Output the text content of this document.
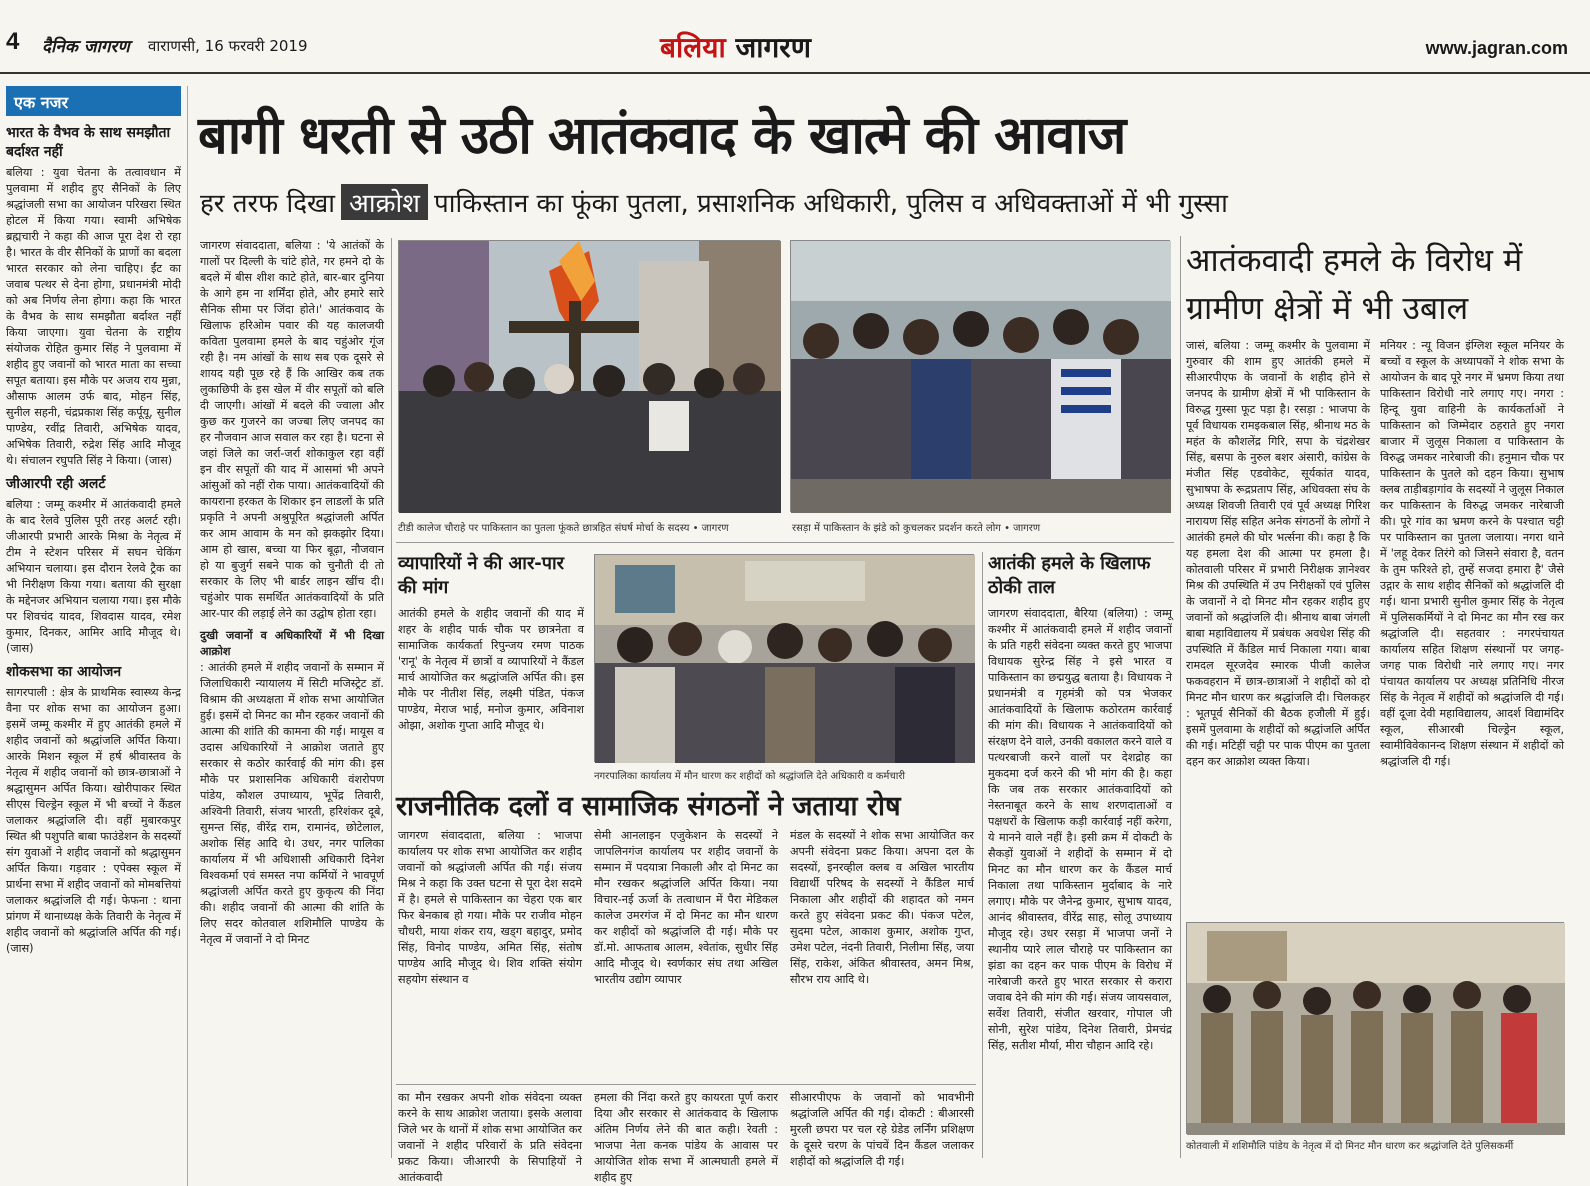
4 दैनिक जागरण वाराणसी, 16 फरवरी 2019	बलिया जागरण	www.jagran.com
एक नजर
भारत के वैभव के साथ समझौता बर्दाश्त नहीं
बलिया : युवा चेतना के तत्वावधान में पुलवामा में शहीद हुए सैनिकों के लिए श्रद्धांजली सभा का आयोजन परिखरा स्थित होटल में किया गया। स्वामी अभिषेक ब्रह्मचारी ने कहा की आज पूरा देश रो रहा है। भारत के वीर सैनिकों के प्राणों का बदला भारत सरकार को लेना चाहिए। ईंट का जवाब पत्थर से देना होगा, प्रधानमंत्री मोदी को अब निर्णय लेना होगा। कहा कि भारत के वैभव के साथ समझौता बर्दाश्त नहीं किया जाएगा। युवा चेतना के राष्ट्रीय संयोजक रोहित कुमार सिंह ने पुलवामा में शहीद हुए जवानों को भारत माता का सच्चा सपूत बताया। इस मौके पर अजय राय मुन्ना, औसाफ आलम उर्फ बाद, मोहन सिंह, सुनील सहनी, चंद्रप्रकाश सिंह कर्पूयू, सुनील पाण्डेय, रवींद्र तिवारी, अभिषेक यादव, अभिषेक तिवारी, रुद्रेश सिंह आदि मौजूद थे। संचालन रघुपति सिंह ने किया। (जास)
जीआरपी रही अलर्ट
बलिया : जम्मू कश्मीर में आतंकवादी हमले के बाद रेलवे पुलिस पूरी तरह अलर्ट रही। जीआरपी प्रभारी आरके मिश्रा के नेतृत्व में टीम ने स्टेशन परिसर में सघन चेकिंग अभियान चलाया। इस दौरान रेलवे ट्रैक का भी निरीक्षण किया गया। बताया की सुरक्षा के मद्देनजर अभियान चलाया गया। इस मौके पर शिवचंद यादव, शिवदास यादव, रमेश कुमार, दिनकर, आमिर आदि मौजूद थे। (जास)
शोकसभा का आयोजन
सागरपाली : क्षेत्र के प्राथमिक स्वास्थ्य केन्द्र वैना पर शोक सभा का आयोजन हुआ। इसमें जम्मू कश्मीर में हुए आतंकी हमले में शहीद जवानों को श्रद्धांजलि अर्पित किया। आरके मिशन स्कूल में हर्ष श्रीवास्तव के नेतृत्व में शहीद जवानों को छात्र-छात्राओं ने श्रद्धासुमन अर्पित किया। खोरीपाकर स्थित सीएस चिल्ड्रेन स्कूल में भी बच्चों ने कैंडल जलाकर श्रद्धांजलि दी। वहीं मुबारकपुर स्थित श्री पशुपति बाबा फाउंडेशन के सदस्यों संग युवाओं ने शहीद जवानों को श्रद्धासुमन अर्पित किया। गड़वार : एपेक्स स्कूल में प्रार्थना सभा में शहीद जवानों को मोमबत्तियां जलाकर श्रद्धांजलि दी गई। फेफना : थाना प्रांगण में थानाध्यक्ष केके तिवारी के नेतृत्व में शहीद जवानों को श्रद्धांजलि अर्पित की गई। (जास)
बागी धरती से उठी आतंकवाद के खात्मे की आवाज
हर तरफ दिखा आक्रोश पाकिस्तान का फूंका पुतला, प्रसाशनिक अधिकारी, पुलिस व अधिवक्ताओं में भी गुस्सा
जागरण संवाददाता, बलिया : 'ये आतंकों के गालों पर दिल्ली के चांटे होते, गर हमने दो के बदले में बीस शीश काटे होते, बार-बार दुनिया के आगे हम ना शर्मिंदा होते, और हमारे सारे सैनिक सीमा पर जिंदा होते।' आतंकवाद के खिलाफ हरिओम पवार की यह कालजयी कविता पुलवामा हमले के बाद चहुंओर गूंज रही है। नम आंखों के साथ सब एक दूसरे से शायद यही पूछ रहे हैं कि आखिर कब तक लुकाछिपी के इस खेल में वीर सपूतों को बलि दी जाएगी। आंखों में बदले की ज्वाला और कुछ कर गुजरने का जज्बा लिए जनपद का हर नौजवान आज सवाल कर रहा है। घटना से जहां जिले का जर्रा-जर्रा शोकाकुल रहा वहीं इन वीर सपूतों की याद में आसमां भी अपने आंसुओं को नहीं रोक पाया। आतंकवादियों की कायराना हरकत के शिकार इन लाडलों के प्रति प्रकृति ने अपनी अश्रुपूरित श्रद्धांजली अर्पित कर आम आवाम के मन को झकझोर दिया। आम हो खास, बच्चा या फिर बूढ़ा, नौजवान हो या बुजुर्ग सबने पाक को चुनौती दी तो सरकार के लिए भी बार्डर लाइन खींच दी। चहुंओर पाक समर्थित आतंकवादियों के प्रति आर-पार की लड़ाई लेने का उद्घोष होता रहा।
दुखी जवानों व अधिकारियों में भी दिखा आक्रोश
: आतंकी हमले में शहीद जवानों के सम्मान में जिलाधिकारी न्यायालय में सिटी मजिस्ट्रेट डॉ. विश्राम की अध्यक्षता में शोक सभा आयोजित हुई। इसमें दो मिनट का मौन रहकर जवानों की आत्मा की शांति की कामना की गई। मायूस व उदास अधिकारियों ने आक्रोश जताते हुए सरकार से कठोर कार्रवाई की मांग की। इस मौके पर प्रशासनिक अधिकारी वंशरोपण पांडेय, कौशल उपाध्याय, भूपेंद्र तिवारी, अश्विनी तिवारी, संजय भारती, हरिशंकर दूबे, सुमन्त सिंह, वीरेंद्र राम, रामानंद, छोटेलाल, अशोक सिंह आदि थे। उधर, नगर पालिका कार्यालय में भी अधिशासी अधिकारी दिनेश विश्वकर्मा एवं समस्त नपा कर्मियों ने भावपूर्ण श्रद्धांजली अर्पित करते हुए कुकृत्य की निंदा की। शहीद जवानों की आत्मा की शांति के लिए सदर कोतवाल शशिमौलि पाण्डेय के नेतृत्व में जवानों ने दो मिनट
टीडी कालेज चौराहे पर पाकिस्तान का पुतला फूंकते छात्रहित संघर्ष मोर्चा के सदस्य • जागरण	रसड़ा में पाकिस्तान के झंडे को कुचलकर प्रदर्शन करते लोग • जागरण
व्यापारियों ने की आर-पार की मांग
आतंकी हमले के शहीद जवानों की याद में शहर के शहीद पार्क चौक पर छात्रनेता व सामाजिक कार्यकर्ता रिपुन्जय रमण पाठक 'रानू' के नेतृत्व में छात्रों व व्यापारियों ने कैंडल मार्च आयोजित कर श्रद्धांजलि अर्पित की। इस मौके पर नीतीश सिंह, लक्ष्मी पंडित, पंकज पाण्डेय, मेराज भाई, मनोज कुमार, अविनाश ओझा, अशोक गुप्ता आदि मौजूद थे।
नगरपालिका कार्यालय में मौन धारण कर शहीदों को श्रद्धांजलि देते अधिकारी व कर्मचारी
आतंकी हमले के खिलाफ ठोकी ताल
जागरण संवाददाता, बैरिया (बलिया) : जम्मू कश्मीर में आतंकवादी हमले में शहीद जवानों के प्रति गहरी संवेदना व्यक्त करते हुए भाजपा विधायक सुरेन्द्र सिंह ने इसे भारत व पाकिस्तान का छद्मयुद्ध बताया है। विधायक ने प्रधानमंत्री व गृहमंत्री को पत्र भेजकर आतंकवादियों के खिलाफ कठोरतम कार्रवाई की मांग की। विधायक ने आतंकवादियों को संरक्षण देने वाले, उनकी वकालत करने वाले व पत्थरबाजी करने वालों पर देशद्रोह का मुकदमा दर्ज करने की भी मांग की है। कहा कि जब तक सरकार आतंकवादियों को नेस्तनाबूत करने के साथ शरणदाताओं व पक्षधरों के खिलाफ कड़ी कार्रवाई नहीं करेगा, ये मानने वाले नहीं है। इसी क्रम में दोकटी के सैकड़ों युवाओं ने शहीदों के सम्मान में दो मिनट का मौन धारण कर के कैंडल मार्च निकाला तथा पाकिस्तान मुर्दाबाद के नारे लगाए। मौके पर जैनेन्द्र कुमार, सुभाष यादव, आनंद श्रीवास्तव, वीरेंद्र साह, सोलू उपाध्याय मौजूद रहे। उधर रसड़ा में भाजपा जनों ने स्थानीय प्यारे लाल चौराहे पर पाकिस्तान का झंडा का दहन कर पाक पीएम के विरोध में नारेबाजी करते हुए भारत सरकार से करारा जवाब देने की मांग की गई। संजय जायसवाल, सर्वेश तिवारी, संजीत खरवार, गोपाल जी सोनी, सुरेश पांडेय, दिनेश तिवारी, प्रेमचंद्र सिंह, सतीश मौर्या, मीरा चौहान आदि रहे।
राजनीतिक दलों व सामाजिक संगठनों ने जताया रोष
जागरण संवाददाता, बलिया : भाजपा कार्यालय पर शोक सभा आयोजित कर शहीद जवानों को श्रद्धांजली अर्पित की गई। संजय मिश्र ने कहा कि उक्त घटना से पूरा देश सदमे में है। हमले से पाकिस्तान का चेहरा एक बार फिर बेनकाब हो गया। मौके पर राजीव मोहन चौधरी, माया शंकर राय, खड्ग बहादुर, प्रमोद सिंह, विनोद पाण्डेय, अमित सिंह, संतोष पाण्डेय आदि मौजूद थे। शिव शक्ति संयोग सहयोग संस्थान व
सेमी आनलाइन एजुकेशन के सदस्यों ने जापलिनगंज कार्यालय पर शहीद जवानों के सम्मान में पदयात्रा निकाली और दो मिनट का मौन रखकर श्रद्धांजलि अर्पित किया। नया विचार-नई ऊर्जा के तत्वाधान में पैरा मेडिकल कालेज उमरगंज में दो मिनट का मौन धारण कर शहीदों को श्रद्धांजलि दी गई। मौके पर डॉ.मो. आफताब आलम, श्वेतांक, सुधीर सिंह आदि मौजूद थे। स्वर्णकार संघ तथा अखिल भारतीय उद्योग व्यापार
मंडल के सदस्यों ने शोक सभा आयोजित कर अपनी संवेदना प्रकट किया। अपना दल के सदस्यों, इनरव्हील क्लब व अखिल भारतीय विद्यार्थी परिषद के सदस्यों ने कैंडिल मार्च निकाला और शहीदों की शहादत को नमन करते हुए संवेदना प्रकट की। पंकज पटेल, सुदमा पटेल, आकाश कुमार, अशोक गुप्त, उमेश पटेल, नंदनी तिवारी, निलीमा सिंह, जया सिंह, राकेश, अंकित श्रीवास्तव, अमन मिश्र, सौरभ राय आदि थे।
का मौन रखकर अपनी शोक संवेदना व्यक्त करने के साथ आक्रोश जताया। इसके अलावा जिले भर के थानों में शोक सभा आयोजित कर जवानों ने शहीद परिवारों के प्रति संवेदना प्रकट किया। जीआरपी के सिपाहियों ने आतंकवादी
हमला की निंदा करते हुए कायरता पूर्ण करार दिया और सरकार से आतंकवाद के खिलाफ अंतिम निर्णय लेने की बात कही। रेवती : भाजपा नेता कनक पांडेय के आवास पर आयोजित शोक सभा में आत्मघाती हमले में शहीद हुए
सीआरपीएफ के जवानों को भावभीनी श्रद्धांजलि अर्पित की गई। दोकटी : बीआरसी मुरली छपरा पर चल रहे ग्रेडेड लर्निंग प्रशिक्षण के दूसरे चरण के पांचवें दिन कैंडल जलाकर शहीदों को श्रद्धांजलि दी गई।
आतंकवादी हमले के विरोध में ग्रामीण क्षेत्रों में भी उबाल
जासं, बलिया : जम्मू कश्मीर के पुलवामा में गुरुवार की शाम हुए आतंकी हमले में सीआरपीएफ के जवानों के शहीद होने से जनपद के ग्रामीण क्षेत्रों में भी पाकिस्तान के विरुद्ध गुस्सा फूट पड़ा है। रसड़ा : भाजपा के पूर्व विधायक रामइकबाल सिंह, श्रीनाथ मठ के महंत के कौशलेंद्र गिरि, सपा के चंद्रशेखर सिंह, बसपा के नुरुल बशर अंसारी, कांग्रेस के मंजीत सिंह एडवोकेट, सूर्यकांत यादव, सुभाषपा के रूद्रप्रताप सिंह, अधिवक्ता संघ के अध्यक्ष शिवजी तिवारी एवं पूर्व अध्यक्ष गिरिश नारायण सिंह सहित अनेक संगठनों के लोगों ने आतंकी हमले की घोर भर्त्सना की। कहा है कि यह हमला देश की आत्मा पर हमला है। कोतवाली परिसर में प्रभारी निरीक्षक ज्ञानेश्वर मिश्र की उपस्थिति में उप निरीक्षकों एवं पुलिस के जवानों ने दो मिनट मौन रहकर शहीद हुए जवानों को श्रद्धांजलि दी। श्रीनाथ बाबा जंगली बाबा महाविद्यालय में प्रबंधक अवधेश सिंह की उपस्थिति में कैंडिल मार्च निकाला गया। बाबा रामदल सूरजदेव स्मारक पीजी कालेज फकवहरान में छात्र-छात्राओं ने शहीदों को दो मिनट मौन धारण कर श्रद्धांजलि दी। चिलकहर : भूतपूर्व सैनिकों की बैठक हजौली में हुई। इसमें पुलवामा के शहीदों को श्रद्धांजलि अर्पित की गई। मटिहीं चट्टी पर पाक पीएम का पुतला दहन कर आक्रोश व्यक्त किया।
मनियर : न्यू विजन इंग्लिश स्कूल मनियर के बच्चों व स्कूल के अध्यापकों ने शोक सभा के आयोजन के बाद पूरे नगर में भ्रमण किया तथा पाकिस्तान विरोधी नारे लगाए गए। नगरा : हिन्दू युवा वाहिनी के कार्यकर्ताओं ने पाकिस्तान को जिम्मेदार ठहराते हुए नगरा बाजार में जुलूस निकाला व पाकिस्तान के विरुद्ध जमकर नारेबाजी की। हनुमान चौक पर पाकिस्तान के पुतले को दहन किया। सुभाष क्लब ताड़ीबड़ागांव के सदस्यों ने जुलूस निकाल कर पाकिस्तान के विरुद्ध जमकर नारेबाजी की। पूरे गांव का भ्रमण करने के पश्चात चट्टी पर पाकिस्तान का पुतला जलाया। नगरा थाने में 'लहू देकर तिरंगे को जिसने संवारा है, वतन के तुम फरिश्ते हो, तुम्हें सजदा हमारा है' जैसे उद्गार के साथ शहीद सैनिकों को श्रद्धांजलि दी गई। थाना प्रभारी सुनील कुमार सिंह के नेतृत्व में पुलिसकर्मियों ने दो मिनट का मौन रख कर श्रद्धांजलि दी। सहतवार : नगरपंचायत कार्यालय सहित शिक्षण संस्थानों पर जगह-जगह पाक विरोधी नारे लगाए गए। नगर पंचायत कार्यालय पर अध्यक्ष प्रतिनिधि नीरज सिंह के नेतृत्व में शहीदों को श्रद्धांजलि दी गई। वहीं दूजा देवी महाविद्यालय, आदर्श विद्यामंदिर स्कूल, सीआरबी चिल्ड्रेन स्कूल, स्वामीविवेकानन्द शिक्षण संस्थान में शहीदों को श्रद्धांजलि दी गई।
कोतवाली में शशिमौलि पांडेय के नेतृत्व में दो मिनट मौन धारण कर श्रद्धांजलि देते पुलिसकर्मी
